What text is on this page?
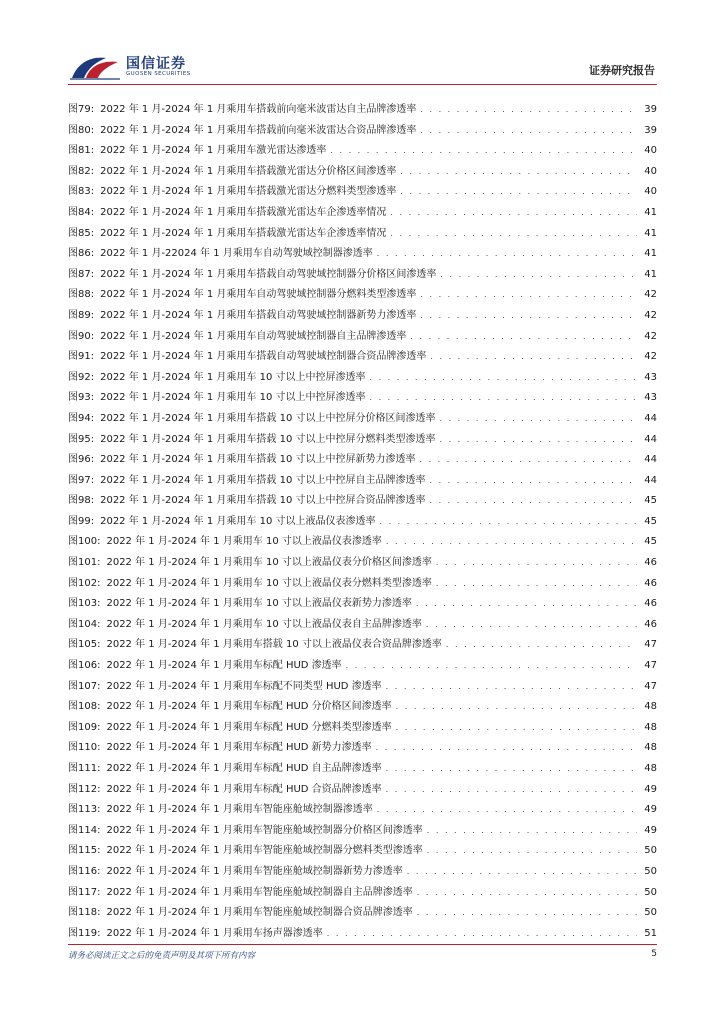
国信证券
GUOSEN SECURITIES	证券研究报告
图79: 2022 年 1 月-2024 年 1 月乘用车搭载前向毫米波雷达自主品牌渗透率 . . .	39
图80: 2022 年 1 月-2024 年 1 月乘用车搭载前向毫米波雷达合资品牌渗透率 . . .	39
图81: 2022 年 1 月-2024 年 1 月乘用车激光雷达渗透率 . . .	40
图82: 2022 年 1 月-2024 年 1 月乘用车搭载激光雷达分价格区间渗透率 . . .	40
图83: 2022 年 1 月-2024 年 1 月乘用车搭载激光雷达分燃料类型渗透率 . . .	40
图84: 2022 年 1 月-2024 年 1 月乘用车搭载激光雷达车企渗透率情况 . . .	41
图85: 2022 年 1 月-2024 年 1 月乘用车搭载激光雷达车企渗透率情况 . . .	41
图86: 2022 年 1 月-22024 年 1 月乘用车自动驾驶域控制器渗透率 . . .	41
图87: 2022 年 1 月-2024 年 1 月乘用车搭载自动驾驶域控制器分价格区间渗透率 . . .	41
图88: 2022 年 1 月-2024 年 1 月乘用车自动驾驶域控制器分燃料类型渗透率 . . .	42
图89: 2022 年 1 月-2024 年 1 月乘用车搭载自动驾驶域控制器新势力渗透率 . . .	42
图90: 2022 年 1 月-2024 年 1 月乘用车自动驾驶域控制器自主品牌渗透率 . . .	42
图91: 2022 年 1 月-2024 年 1 月乘用车搭载自动驾驶域控制器合资品牌渗透率 . . .	42
图92: 2022 年 1 月-2024 年 1 月乘用车 10 寸以上中控屏渗透率 . . .	43
图93: 2022 年 1 月-2024 年 1 月乘用车 10 寸以上中控屏渗透率 . . .	43
图94: 2022 年 1 月-2024 年 1 月乘用车搭载 10 寸以上中控屏分价格区间渗透率 . . .	44
图95: 2022 年 1 月-2024 年 1 月乘用车搭载 10 寸以上中控屏分燃料类型渗透率 . . .	44
图96: 2022 年 1 月-2024 年 1 月乘用车搭载 10 寸以上中控屏新势力渗透率 . . .	44
图97: 2022 年 1 月-2024 年 1 月乘用车搭载 10 寸以上中控屏自主品牌渗透率 . . .	44
图98: 2022 年 1 月-2024 年 1 月乘用车搭载 10 寸以上中控屏合资品牌渗透率 . . .	45
图99: 2022 年 1 月-2024 年 1 月乘用车 10 寸以上液晶仪表渗透率 . . .	45
图100: 2022 年 1 月-2024 年 1 月乘用车 10 寸以上液晶仪表渗透率 . . .	45
图101: 2022 年 1 月-2024 年 1 月乘用车 10 寸以上液晶仪表分价格区间渗透率 . . .	46
图102: 2022 年 1 月-2024 年 1 月乘用车 10 寸以上液晶仪表分燃料类型渗透率 . . .	46
图103: 2022 年 1 月-2024 年 1 月乘用车 10 寸以上液晶仪表新势力渗透率 . . .	46
图104: 2022 年 1 月-2024 年 1 月乘用车 10 寸以上液晶仪表自主品牌渗透率 . . .	46
图105: 2022 年 1 月-2024 年 1 月乘用车搭载 10 寸以上液晶仪表合资品牌渗透率 . . .	47
图106: 2022 年 1 月-2024 年 1 月乘用车标配 HUD 渗透率 . . .	47
图107: 2022 年 1 月-2024 年 1 月乘用车标配不同类型 HUD 渗透率 . . .	47
图108: 2022 年 1 月-2024 年 1 月乘用车标配 HUD 分价格区间渗透率 . . .	48
图109: 2022 年 1 月-2024 年 1 月乘用车标配 HUD 分燃料类型渗透率 . . .	48
图110: 2022 年 1 月-2024 年 1 月乘用车标配 HUD 新势力渗透率 . . .	48
图111: 2022 年 1 月-2024 年 1 月乘用车标配 HUD 自主品牌渗透率 . . .	48
图112: 2022 年 1 月-2024 年 1 月乘用车标配 HUD 合资品牌渗透率 . . .	49
图113: 2022 年 1 月-2024 年 1 月乘用车智能座舱域控制器渗透率 . . .	49
图114: 2022 年 1 月-2024 年 1 月乘用车智能座舱域控制器分价格区间渗透率 . . .	49
图115: 2022 年 1 月-2024 年 1 月乘用车智能座舱域控制器分燃料类型渗透率 . . .	50
图116: 2022 年 1 月-2024 年 1 月乘用车智能座舱域控制器新势力渗透率 . . .	50
图117: 2022 年 1 月-2024 年 1 月乘用车智能座舱域控制器自主品牌渗透率 . . .	50
图118: 2022 年 1 月-2024 年 1 月乘用车智能座舱域控制器合资品牌渗透率 . . .	50
图119: 2022 年 1 月-2024 年 1 月乘用车扬声器渗透率 . . .	51
请务必阅读正文之后的免责声明及其项下所有内容	5
